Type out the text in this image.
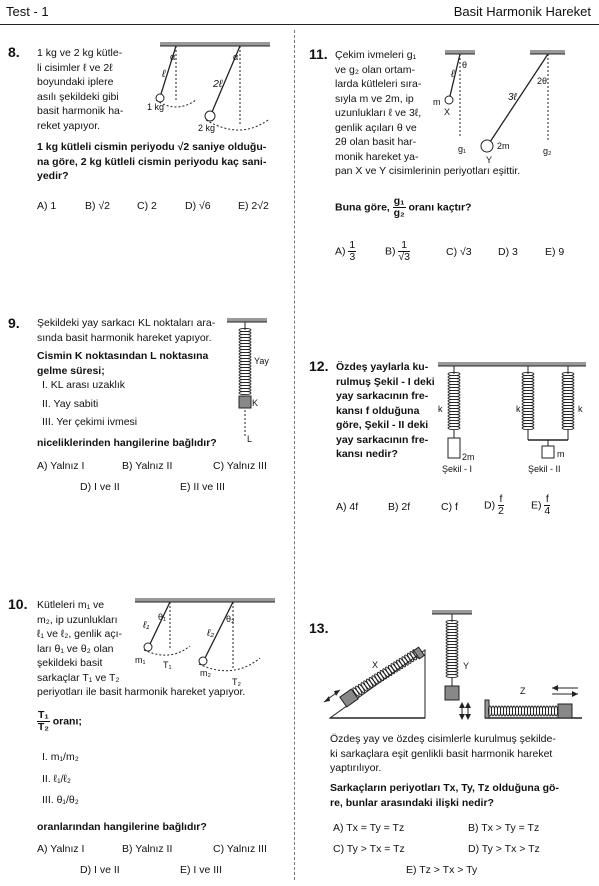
Test - 1	Basit Harmonik Hareket
8. 1 kg ve 2 kg kütle-
li cisimler ℓ ve 2ℓ
boyundaki iplere
asılı şekildeki gibi
basit harmonik ha-
reket yapıyor.
ℓ
α
1 kg
2ℓ
α
2 kg
1 kg kütleli cismin periyodu √2 saniye olduğu-
na göre, 2 kg kütleli cismin periyodu kaç sani-
yedir?
A) 1	B) √2	C) 2	D) √6	E) 2√2
9. Şekildeki yay sarkacı KL noktaları ara-
sında basit harmonik hareket yapıyor.
Cismin K noktasından L noktasına
gelme süresi;
I. KL arası uzaklık
II. Yay sabiti
III. Yer çekimi ivmesi
niceliklerinden hangilerine bağlıdır?
Yay
K
L
A) Yalnız I	B) Yalnız II	C) Yalnız III
D) I ve II	E) II ve III
10. Kütleleri m₁ ve
m₂, ip uzunlukları
ℓ₁ ve ℓ₂, genlik açı-
ları θ₁ ve θ₂ olan
şekildeki basit
sarkaçlar T₁ ve T₂
periyotları ile basit harmonik hareket yapıyor.
ℓ₁
θ₁
m₁ T₁
ℓ₂
θ₂
m₂
T₂
$\frac{\text{T₁}}{\text{T₂}}$ oranı;
I. m₁/m₂
II. ℓ₁/ℓ₂
III. θ₁/θ₂
oranlarından hangilerine bağlıdır?
A) Yalnız I	B) Yalnız II	C) Yalnız III
D) I ve II	E) I ve III
11. Çekim ivmeleri g₁
ve g₂ olan ortam-
larda kütleleri sıra-
sıyla m ve 2m, ip
uzunlukları ℓ ve 3ℓ,
genlik açıları θ ve
2θ olan basit har-
monik hareket ya-
pan X ve Y cisimlerinin periyotları eşittir.
ℓ
θ
m
X
g₁
3ℓ
2θ
2m
Y
g₂
Buna göre, $\frac{\text{g₁}}{\text{g₂}}$ oranı kaçtır?
$A) \frac{1}{3}$	$B) \frac{1}{√3}$	C) √3	D) 3	E) 9
12. Özdeş yaylarla ku-
rulmuş Şekil - I deki
yay sarkacının fre-
kansı f olduğuna
göre, Şekil - II deki
yay sarkacının fre-
kansı nedir?
k
2m
Şekil - I
k	k
m
Şekil - II
A) 4f	B) 2f	C) f $D) \frac{f}{2}$	$E) \frac{f}{4}$
13.
X	Y
Z
Özdeş yay ve özdeş cisimlerle kurulmuş şekilde-
ki sarkaçlara eşit genlikli basit harmonik hareket
yaptırılıyor.
Sarkaçların periyotları Tx, Ty, Tz olduğuna gö-
re, bunlar arasındaki ilişki nedir?
A) Tx = Ty = Tz	B) Tx > Ty = Tz
C) Ty > Tx = Tz	D) Ty > Tx > Tz
E) Tz > Tx > Ty
